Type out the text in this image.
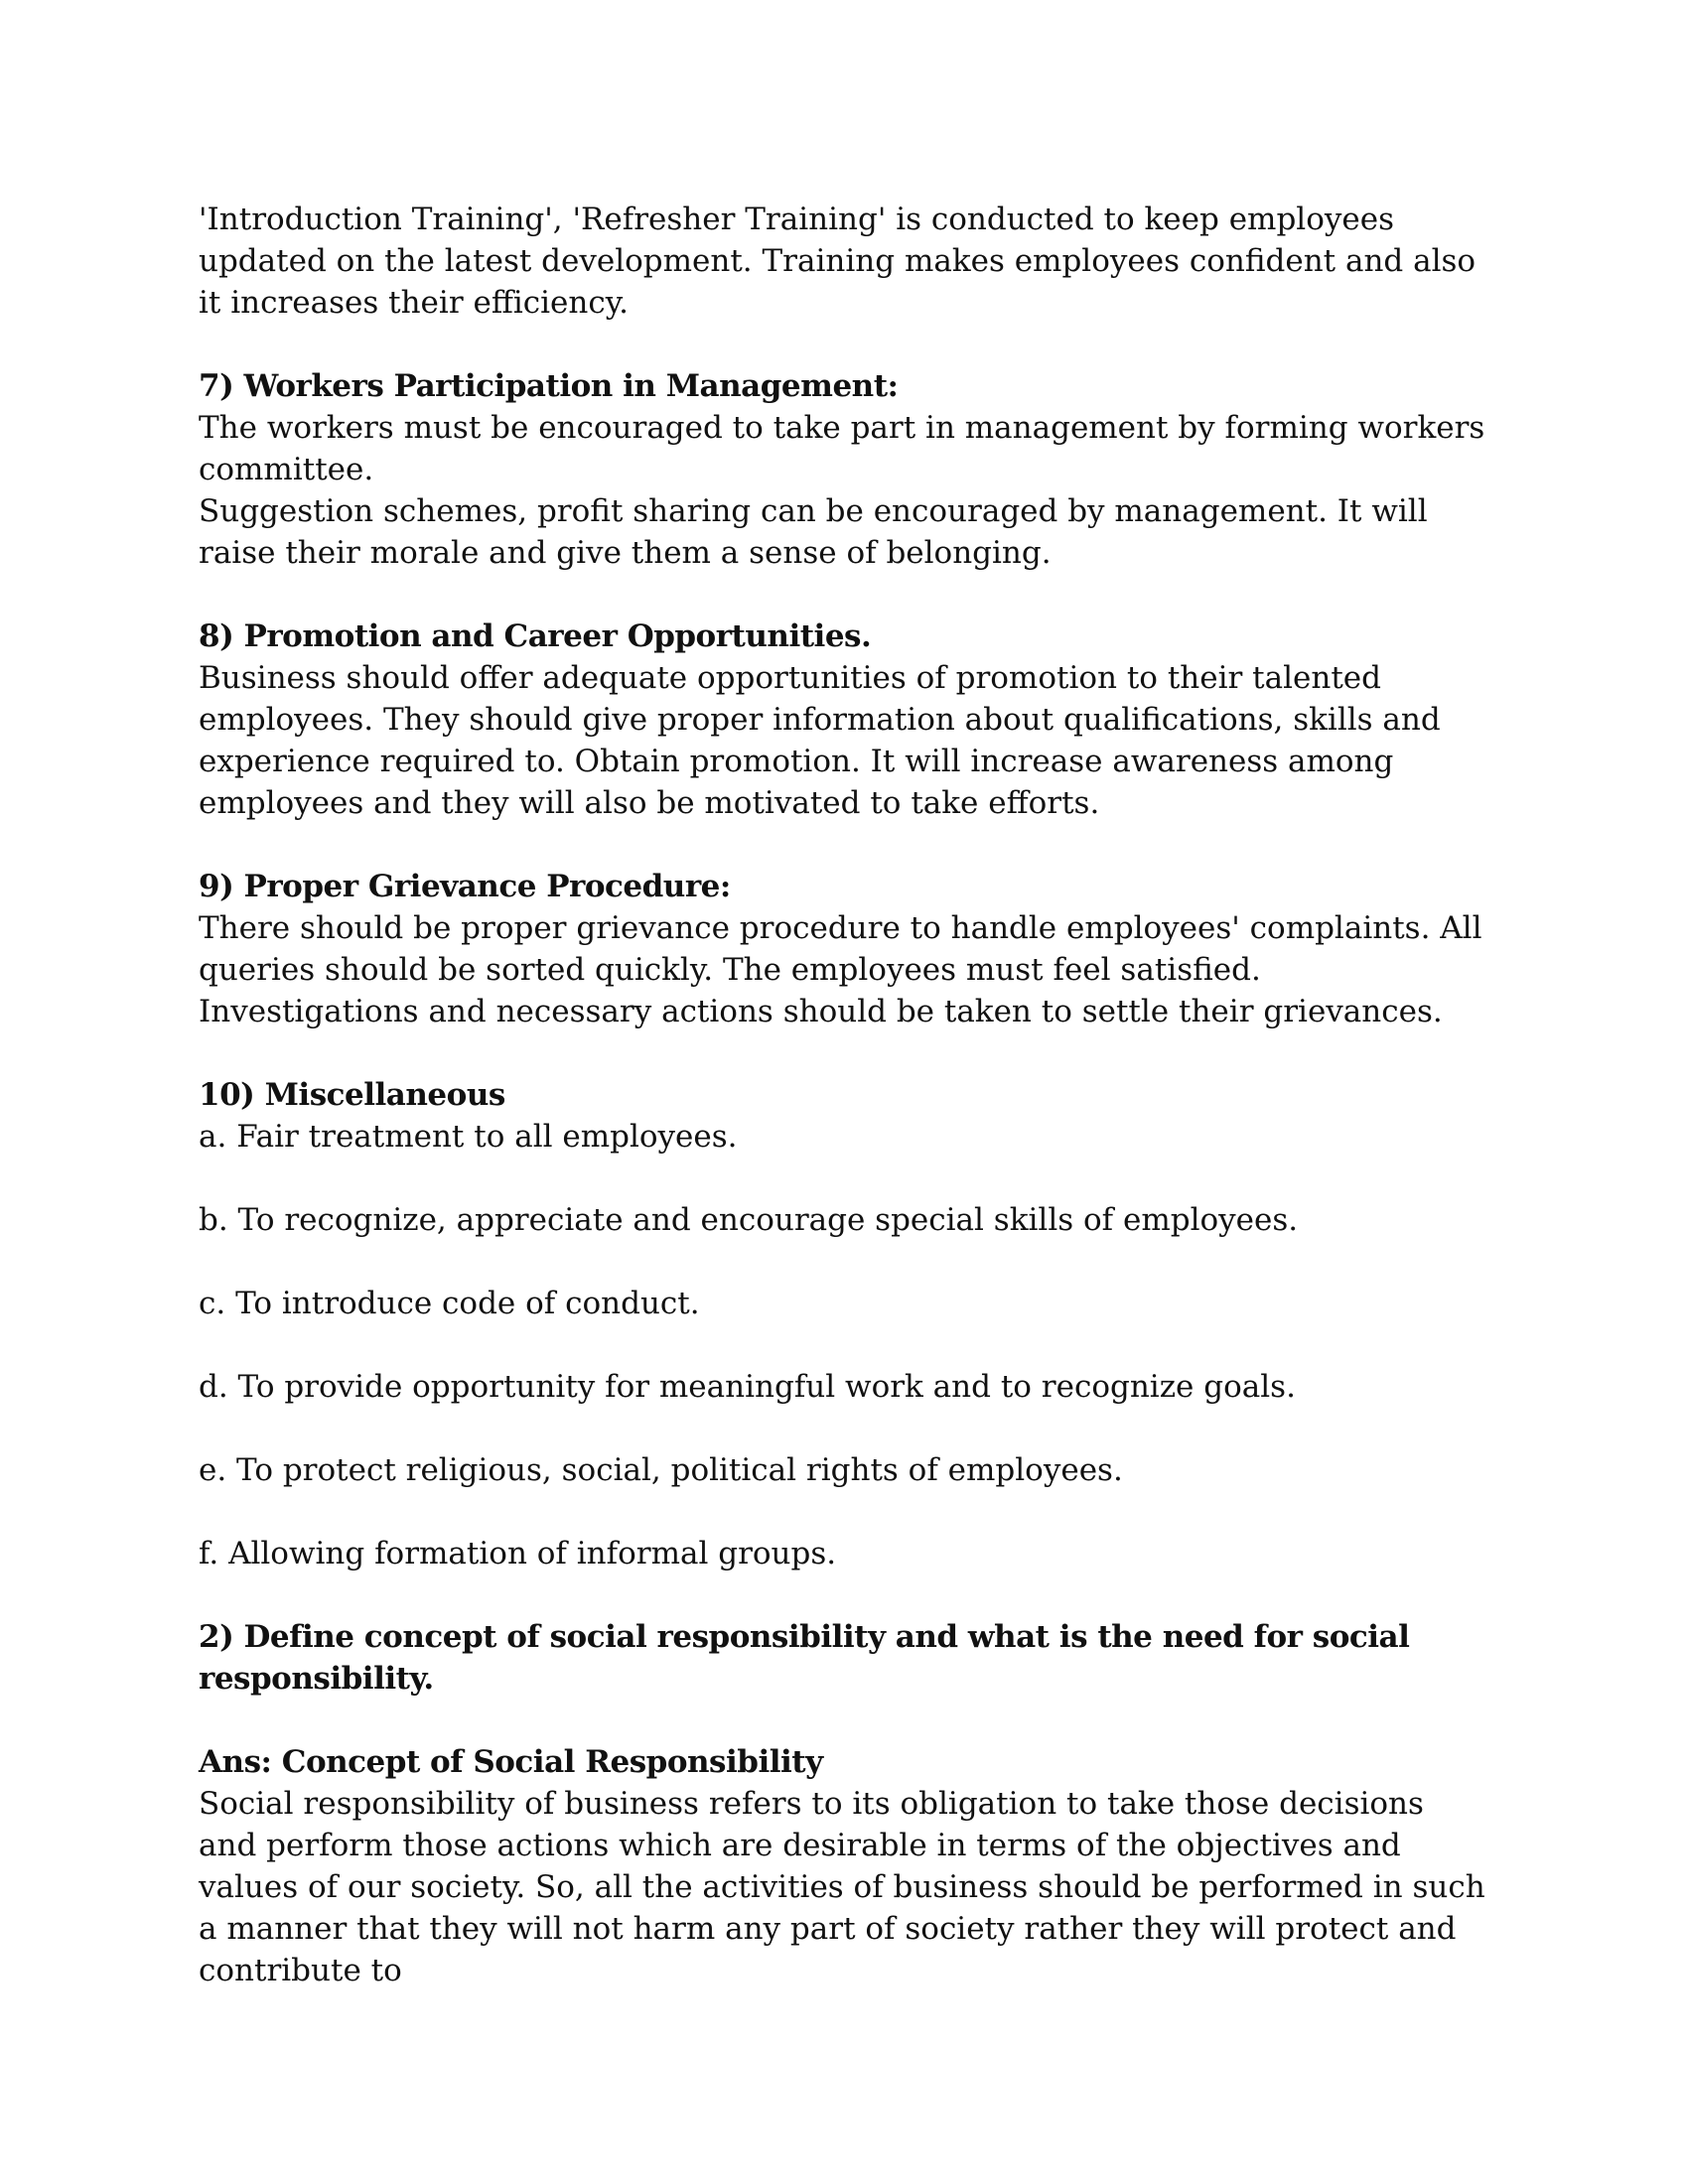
'Introduction Training', 'Refresher Training' is conducted to keep employees updated on the latest development. Training makes employees confident and also it increases their efficiency.

7) Workers Participation in Management:

The workers must be encouraged to take part in management by forming workers committee.

Suggestion schemes, profit sharing can be encouraged by management. It will raise their morale and give them a sense of belonging.

8) Promotion and Career Opportunities.

Business should offer adequate opportunities of promotion to their talented employees. They should give proper information about qualifications, skills and experience required to. Obtain promotion. It will increase awareness among employees and they will also be motivated to take efforts.

9) Proper Grievance Procedure:

There should be proper grievance procedure to handle employees' complaints. All queries should be sorted quickly. The employees must feel satisfied. Investigations and necessary actions should be taken to settle their grievances.

10) Miscellaneous

a. Fair treatment to all employees.

b. To recognize, appreciate and encourage special skills of employees.

c. To introduce code of conduct.

d. To provide opportunity for meaningful work and to recognize goals.

e. To protect religious, social, political rights of employees.

f. Allowing formation of informal groups.

2) Define concept of social responsibility and what is the need for social responsibility.

Ans: Concept of Social Responsibility

Social responsibility of business refers to its obligation to take those decisions and perform those actions which are desirable in terms of the objectives and values of our society. So, all the activities of business should be performed in such a manner that they will not harm any part of society rather they will protect and contribute to
